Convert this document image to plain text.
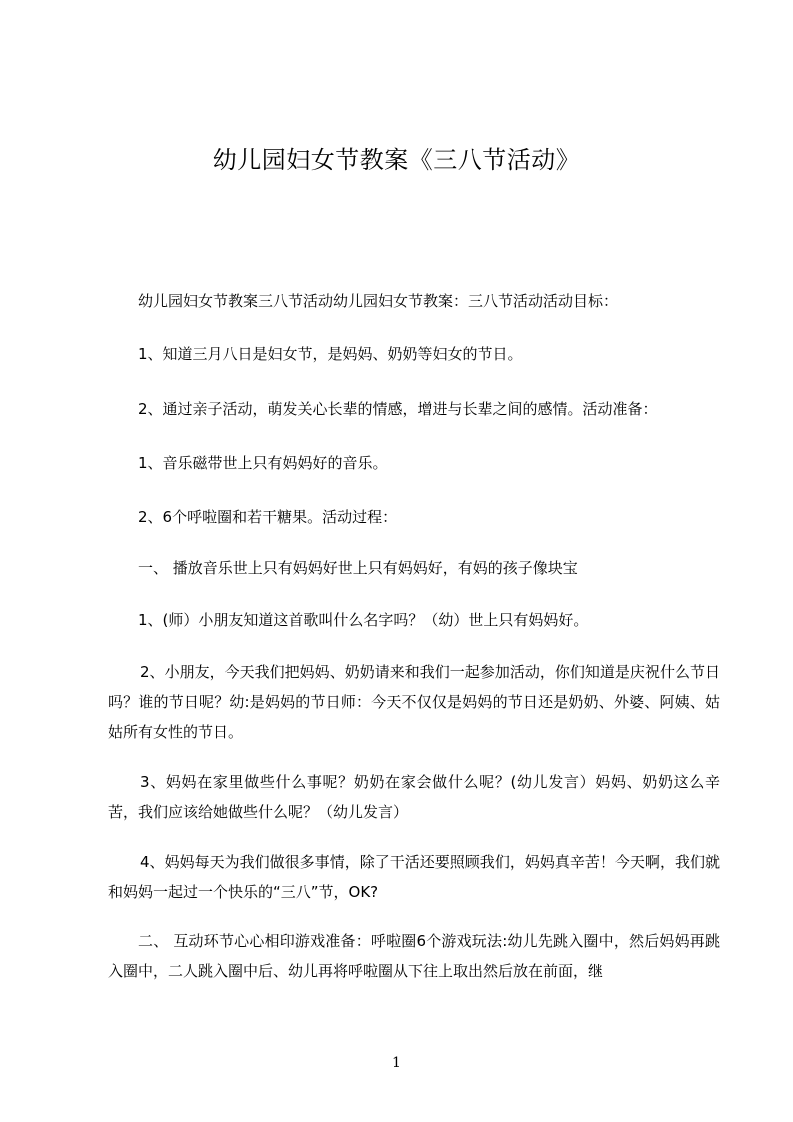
幼儿园妇女节教案《三八节活动》
幼儿园妇女节教案三八节活动幼儿园妇女节教案：三八节活动活动目标：
1、知道三月八日是妇女节，是妈妈、奶奶等妇女的节日。
2、通过亲子活动，萌发关心长辈的情感，增进与长辈之间的感情。活动准备：
1、音乐磁带世上只有妈妈好的音乐。
2、6个呼啦圈和若干糖果。活动过程：
一、 播放音乐世上只有妈妈好世上只有妈妈好，有妈的孩子像块宝
1、(师）小朋友知道这首歌叫什么名字吗？（幼）世上只有妈妈好。
2、小朋友，今天我们把妈妈、奶奶请来和我们一起参加活动，你们知道是庆祝什么节日吗？谁的节日呢？幼:是妈妈的节日师：今天不仅仅是妈妈的节日还是奶奶、外婆、阿姨、姑姑所有女性的节日。
3、妈妈在家里做些什么事呢？奶奶在家会做什么呢？(幼儿发言）妈妈、奶奶这么辛苦，我们应该给她做些什么呢？（幼儿发言）
4、妈妈每天为我们做很多事情，除了干活还要照顾我们，妈妈真辛苦！今天啊，我们就和妈妈一起过一个快乐的“三八”节，OK?
二、 互动环节心心相印游戏准备：呼啦圈6个游戏玩法:幼儿先跳入圈中，然后妈妈再跳入圈中，二人跳入圈中后、幼儿再将呼啦圈从下往上取出然后放在前面，继
1
